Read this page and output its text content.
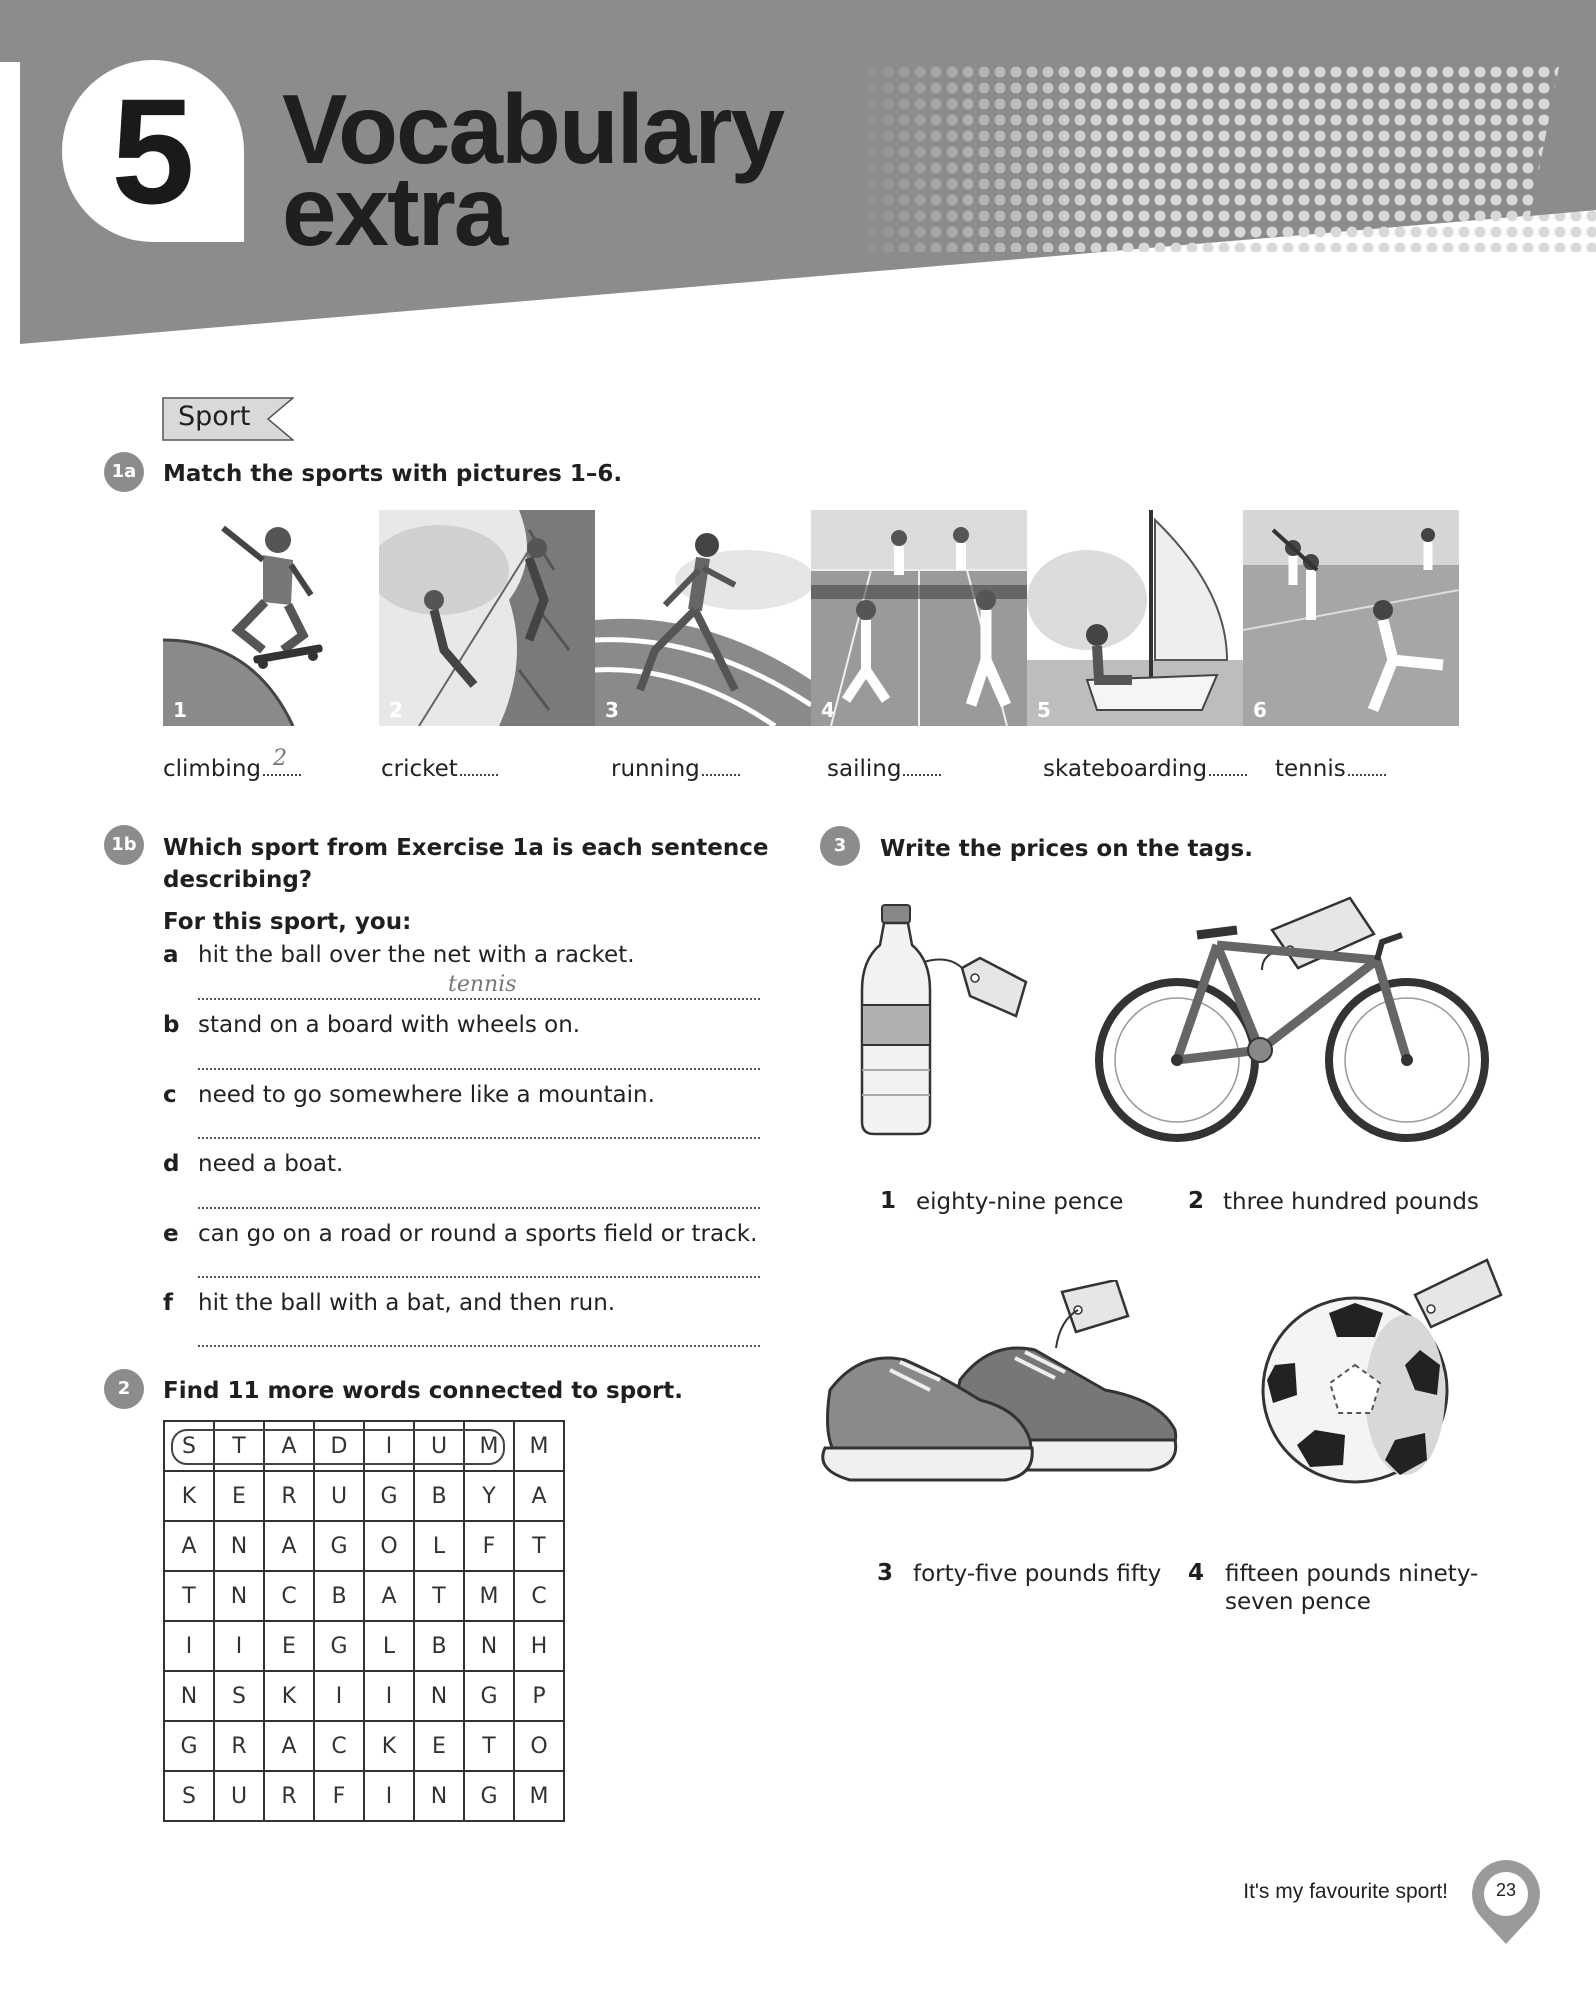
5 Vocabulary
extra
Sport
1a	Match the sports with pictures 1–6.
1	2	3	4	5	6
climbing 2	cricket	running	sailing	skateboarding	tennis
1b	Which sport from Exercise 1a is each sentence
describing?
For this sport, you:
a hit the ball over the net with a racket.
tennis
b stand on a board with wheels on.
c need to go somewhere like a mountain.
d need a boat.
e can go on a road or round a sports field or track.
f hit the ball with a bat, and then run.
2	Find 11 more words connected to sport.
S	T	A	D	I	U	M	M
K	E	R	U	G	B	Y	A
A	N	A	G	O	L	F	T
T	N	C	B	A	T	M	C
I	I	E	G	L	B	N	H
N	S	K	I	I	N	G	P
G	R	A	C	K	E	T	O
S	U	R	F	I	N	G	M
3	Write the prices on the tags.
1 eighty-nine pence	2 three hundred pounds
3 forty-five pounds fifty 4 fifteen pounds ninety-
seven pence
It's my favourite sport!	23
